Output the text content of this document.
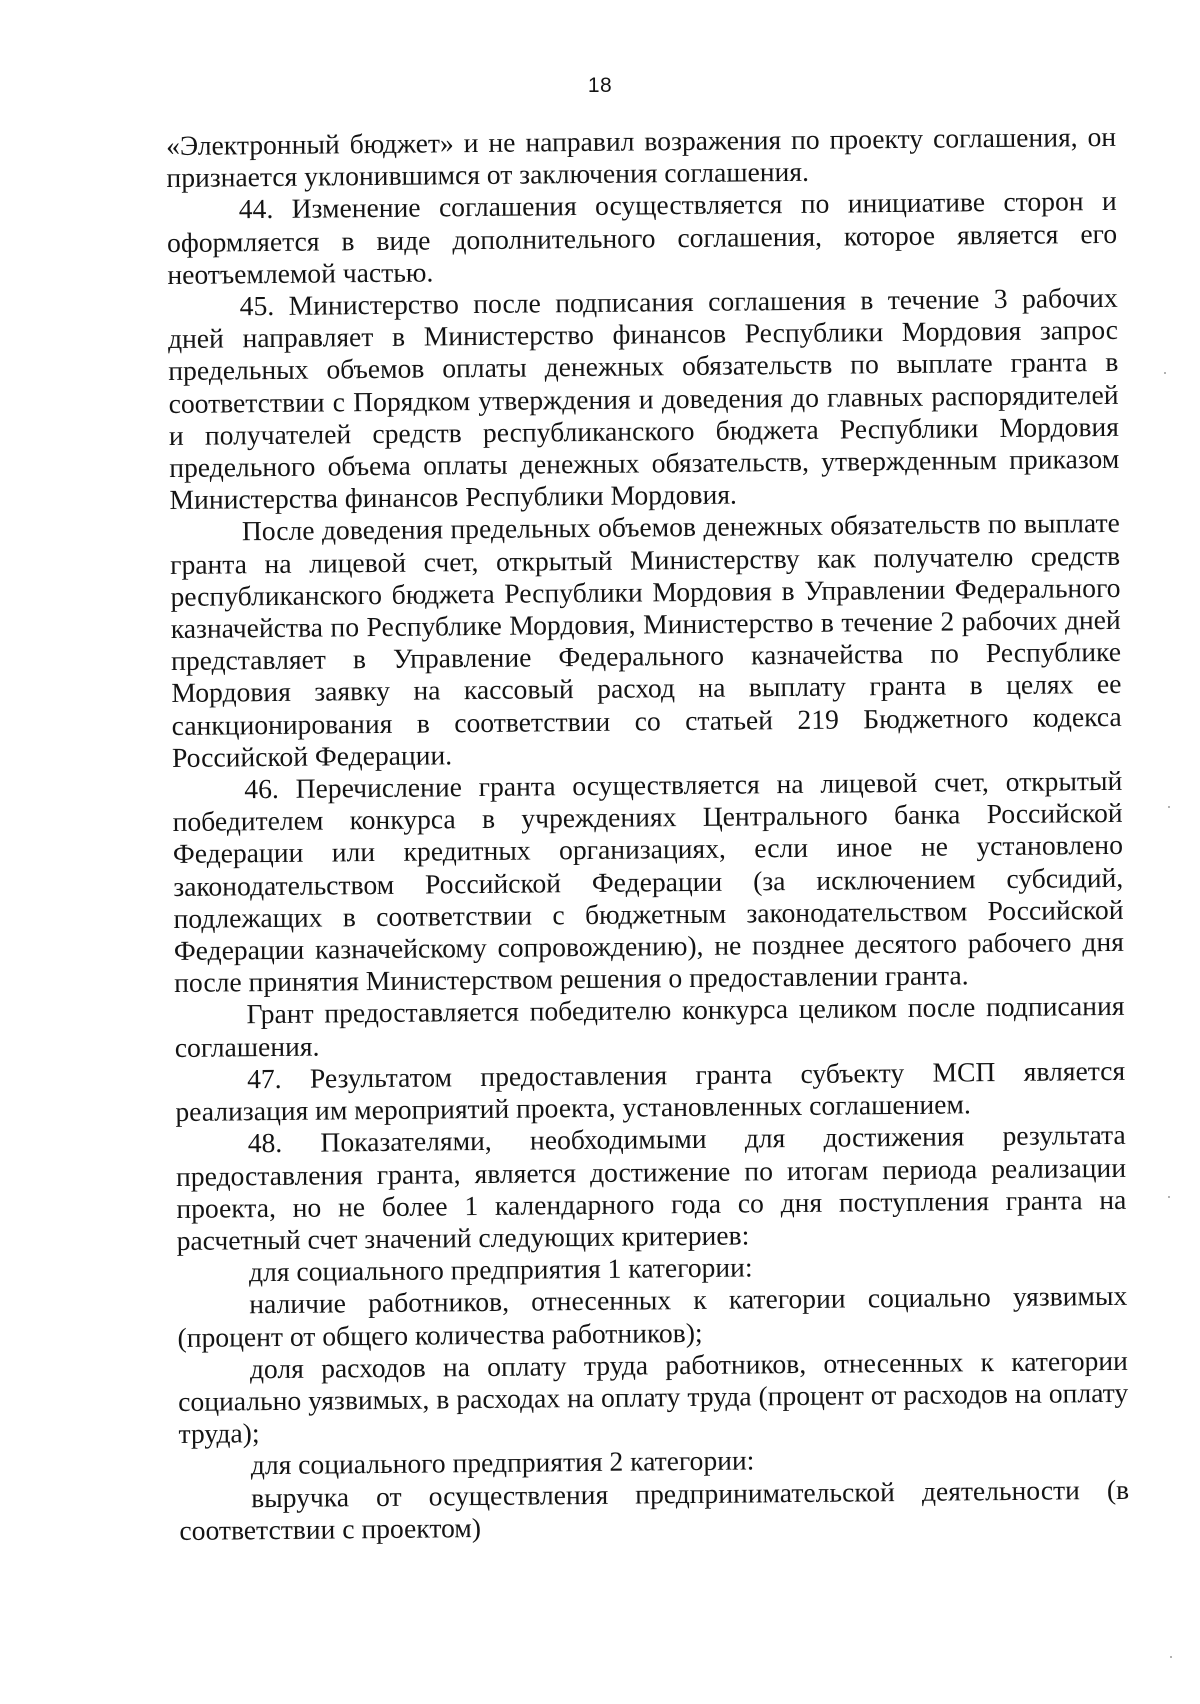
18

«Электронный бюджет» и не направил возражения по проекту соглашения, он признается уклонившимся от заключения соглашения.

44. Изменение соглашения осуществляется по инициативе сторон и оформляется в виде дополнительного соглашения, которое является его неотъемлемой частью.

45. Министерство после подписания соглашения в течение 3 рабочих дней направляет в Министерство финансов Республики Мордовия запрос предельных объемов оплаты денежных обязательств по выплате гранта в соответствии с Порядком утверждения и доведения до главных распорядителей и получателей средств республиканского бюджета Республики Мордовия предельного объема оплаты денежных обязательств, утвержденным приказом Министерства финансов Республики Мордовия.

После доведения предельных объемов денежных обязательств по выплате гранта на лицевой счет, открытый Министерству как получателю средств республиканского бюджета Республики Мордовия в Управлении Федерального казначейства по Республике Мордовия, Министерство в течение 2 рабочих дней представляет в Управление Федерального казначейства по Республике Мордовия заявку на кассовый расход на выплату гранта в целях ее санкционирования в соответствии со статьей 219 Бюджетного кодекса Российской Федерации.

46. Перечисление гранта осуществляется на лицевой счет, открытый победителем конкурса в учреждениях Центрального банка Российской Федерации или кредитных организациях, если иное не установлено законодательством Российской Федерации (за исключением субсидий, подлежащих в соответствии с бюджетным законодательством Российской Федерации казначейскому сопровождению), не позднее десятого рабочего дня после принятия Министерством решения о предоставлении гранта.

Грант предоставляется победителю конкурса целиком после подписания соглашения.

47. Результатом предоставления гранта субъекту МСП является реализация им мероприятий проекта, установленных соглашением.

48. Показателями, необходимыми для достижения результата предоставления гранта, является достижение по итогам периода реализации проекта, но не более 1 календарного года со дня поступления гранта на расчетный счет значений следующих критериев:

для социального предприятия 1 категории:

наличие работников, отнесенных к категории социально уязвимых (процент от общего количества работников);

доля расходов на оплату труда работников, отнесенных к категории социально уязвимых, в расходах на оплату труда (процент от расходов на оплату труда);

для социального предприятия 2 категории:

выручка от осуществления предпринимательской деятельности (в соответствии с проектом)
